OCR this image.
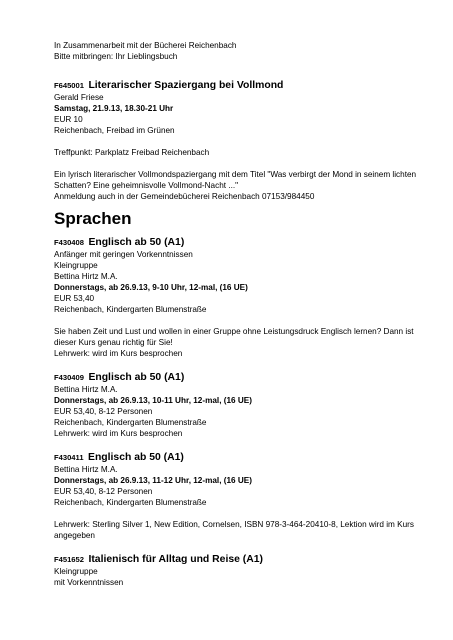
In Zusammenarbeit mit der Bücherei Reichenbach
Bitte mitbringen: Ihr Lieblingsbuch
F645001 Literarischer Spaziergang bei Vollmond
Gerald Friese
Samstag, 21.9.13, 18.30-21 Uhr
EUR 10
Reichenbach, Freibad im Grünen
Treffpunkt: Parkplatz Freibad Reichenbach
Ein lyrisch literarischer Vollmondspaziergang mit dem Titel "Was verbirgt der Mond in seinem lichten
Schatten? Eine geheimnisvolle Vollmond-Nacht ..."
Anmeldung auch in der Gemeindebücherei Reichenbach 07153/984450
Sprachen
F430408 Englisch ab 50 (A1)
Anfänger mit geringen Vorkenntnissen
Kleingruppe
Bettina Hirtz M.A.
Donnerstags, ab 26.9.13, 9-10 Uhr, 12-mal, (16 UE)
EUR 53,40
Reichenbach, Kindergarten Blumenstraße
Sie haben Zeit und Lust und wollen in einer Gruppe ohne Leistungsdruck Englisch lernen? Dann ist
dieser Kurs genau richtig für Sie!
Lehrwerk: wird im Kurs besprochen
F430409 Englisch ab 50 (A1)
Bettina Hirtz M.A.
Donnerstags, ab 26.9.13, 10-11 Uhr, 12-mal, (16 UE)
EUR 53,40, 8-12 Personen
Reichenbach, Kindergarten Blumenstraße
Lehrwerk: wird im Kurs besprochen
F430411 Englisch ab 50 (A1)
Bettina Hirtz M.A.
Donnerstags, ab 26.9.13, 11-12 Uhr, 12-mal, (16 UE)
EUR 53,40, 8-12 Personen
Reichenbach, Kindergarten Blumenstraße
Lehrwerk: Sterling Silver 1, New Edition, Cornelsen, ISBN 978-3-464-20410-8, Lektion wird im Kurs
angegeben
F451652 Italienisch für Alltag und Reise (A1)
Kleingruppe
mit Vorkenntnissen
